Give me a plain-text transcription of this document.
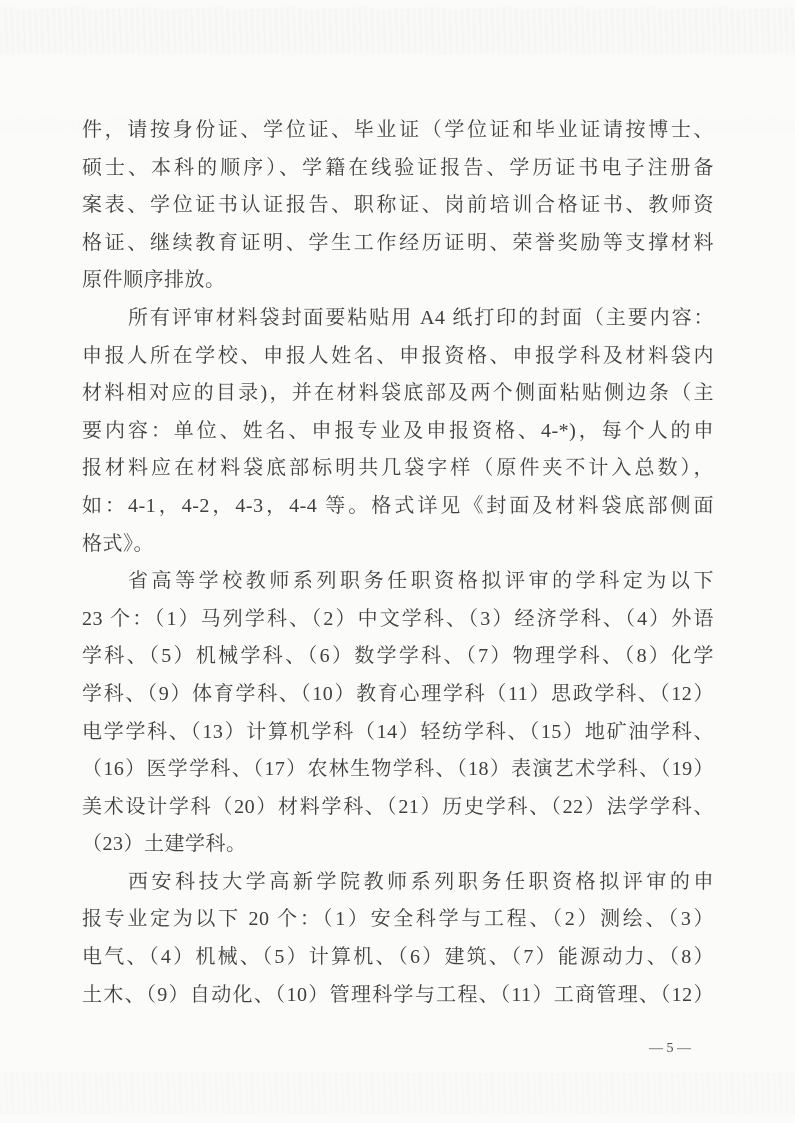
件，请按身份证、学位证、毕业证（学位证和毕业证请按博士、
硕士、本科的顺序）、学籍在线验证报告、学历证书电子注册备
案表、学位证书认证报告、职称证、岗前培训合格证书、教师资
格证、继续教育证明、学生工作经历证明、荣誉奖励等支撑材料
原件顺序排放。
所有评审材料袋封面要粘贴用 A4 纸打印的封面（主要内容：
申报人所在学校、申报人姓名、申报资格、申报学科及材料袋内
材料相对应的目录)，并在材料袋底部及两个侧面粘贴侧边条（主
要内容：单位、姓名、申报专业及申报资格、4-*)，每个人的申
报材料应在材料袋底部标明共几袋字样（原件夹不计入总数），
如：4-1，4-2，4-3，4-4 等。格式详见《封面及材料袋底部侧面
格式》。
省高等学校教师系列职务任职资格拟评审的学科定为以下
23 个：（1）马列学科、（2）中文学科、（3）经济学科、（4）外语
学科、（5）机械学科、（6）数学学科、（7）物理学科、（8）化学
学科、（9）体育学科、（10）教育心理学科（11）思政学科、（12）
电学学科、（13）计算机学科（14）轻纺学科、（15）地矿油学科、
（16）医学学科、（17）农林生物学科、（18）表演艺术学科、（19）
美术设计学科（20）材料学科、（21）历史学科、（22）法学学科、
（23）土建学科。
西安科技大学高新学院教师系列职务任职资格拟评审的申
报专业定为以下 20 个：（1）安全科学与工程、（2）测绘、（3）
电气、（4）机械、（5）计算机、（6）建筑、（7）能源动力、（8）
土木、（9）自动化、（10）管理科学与工程、（11）工商管理、（12）
— 5 —
